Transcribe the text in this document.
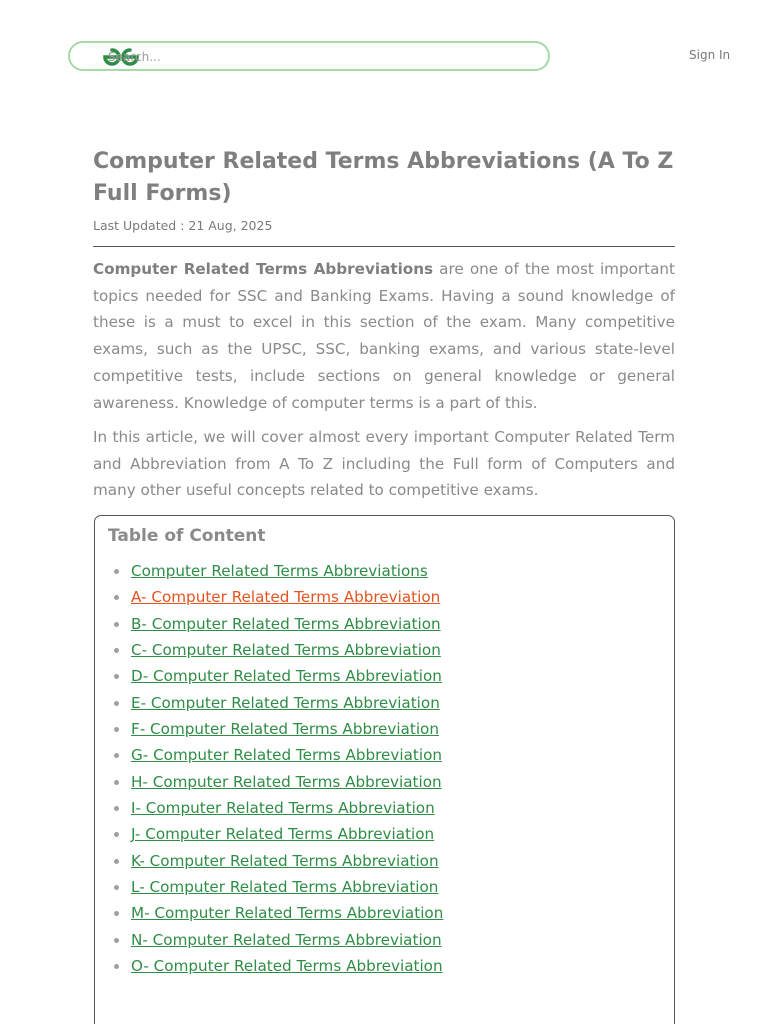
Search...	Sign In
Computer Related Terms Abbreviations (A To Z Full Forms)
Last Updated : 21 Aug, 2025

Computer Related Terms Abbreviations are one of the most important topics needed for SSC and Banking Exams. Having a sound knowledge of these is a must to excel in this section of the exam. Many competitive exams, such as the UPSC, SSC, banking exams, and various state-level competitive tests, include sections on general knowledge or general awareness. Knowledge of computer terms is a part of this.

In this article, we will cover almost every important Computer Related Term and Abbreviation from A To Z including the Full form of Computers and many other useful concepts related to competitive exams.

Table of Content
Computer Related Terms Abbreviations
A- Computer Related Terms Abbreviation
B- Computer Related Terms Abbreviation
C- Computer Related Terms Abbreviation
D- Computer Related Terms Abbreviation
E- Computer Related Terms Abbreviation
F- Computer Related Terms Abbreviation
G- Computer Related Terms Abbreviation
H- Computer Related Terms Abbreviation
I- Computer Related Terms Abbreviation
J- Computer Related Terms Abbreviation
K- Computer Related Terms Abbreviation
L- Computer Related Terms Abbreviation
M- Computer Related Terms Abbreviation
N- Computer Related Terms Abbreviation
O- Computer Related Terms Abbreviation
